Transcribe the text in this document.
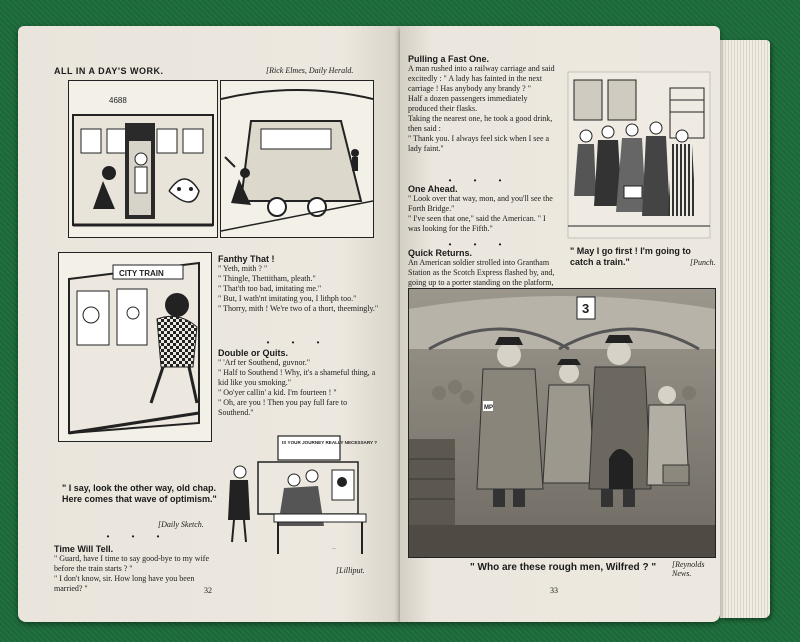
ALL IN A DAY'S WORK.	[Rick Elmes, Daily Herald.
4688
CITY TRAIN

Fanthy That !

" Yeth, mith ? "

" Thingle, Thettitham, pleath."

" That'th too bad, imitating me."

" But, I wath'nt imitating you, I lithph too."

" Thorry, mith ! We're two of a thort, theemingly."

• • •

Double or Quits.

" 'Arf ter Southend, guvnor."

" Half to Southend ! Why, it's a shameful thing, a kid like you smoking."

" Oo'yer callin' a kid. I'm fourteen ! "

" Oh, are you ! Then you pay full fare to Southend."

IS YOUR JOURNEY REALLY NECESSARY ?
~~
" I say, look the other way, old chap. Here comes that wave of optimism."
[Daily Sketch.
• • •

Time Will Tell.

" Guard, have I time to say good-bye to my wife before the train starts ? "

" I don't know, sir. How long have you been married? "

[Lilliput.
32

Pulling a Fast One.

A man rushed into a railway carriage and said excitedly : " A lady has fainted in the next carriage ! Has anybody any brandy ? "

Half a dozen passengers immediately produced their flasks.

Taking the nearest one, he took a good drink, then said :

" Thank you. I always feel sick when I see a lady faint."

• • •

One Ahead.

" Look over that way, mon, and you'll see the Forth Bridge."

" I've seen that one," said the American. " I was looking for the Fifth."

• • •

Quick Returns.

An American soldier strolled into Grantham Station as the Scotch Express flashed by, and, going up to a porter standing on the platform,

" May I go first ! I'm going to catch a train."	[Punch.
3
MP
" Who are these rough men, Wilfred ? " [Reynolds News.
33
